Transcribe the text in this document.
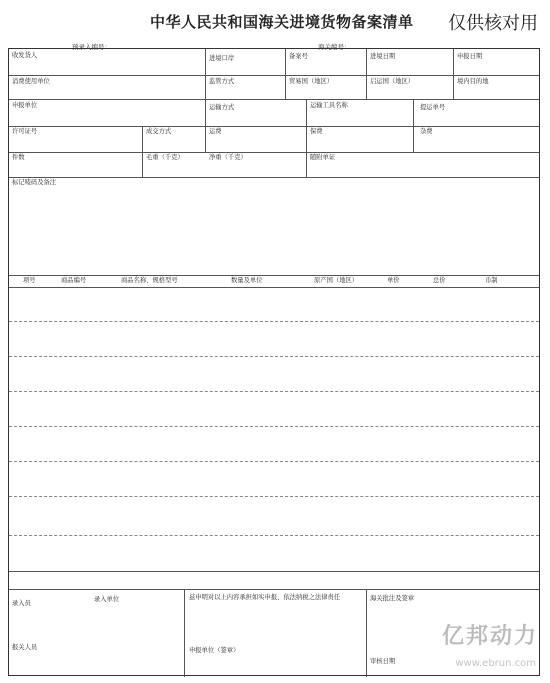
中华人民共和国海关进境货物备案清单 仅供核对用
预录入编号：	海关编号：
收发货人	进境口岸	备案号	进境日期	申报日期
消费使用单位	监管方式	贸易国（地区）	启运国（地区）	境内目的地
申报单位	运输方式	运输工具名称	提运单号
许可证号	成交方式	运费	保费	杂费
件数	毛重（千克）	净重（千克）	随附单证
标记唛码及备注
项号	商品编号	商品名称、规格型号	数量及单位	原产国（地区）	单价	总价	币制
录入员
录入单位	兹申明对以上内容承担如实申报、依法纳税之法律责任	海关批注及签章
报关人员	申报单位（签章）
审核日期
亿邦动力
www.ebrun.com
